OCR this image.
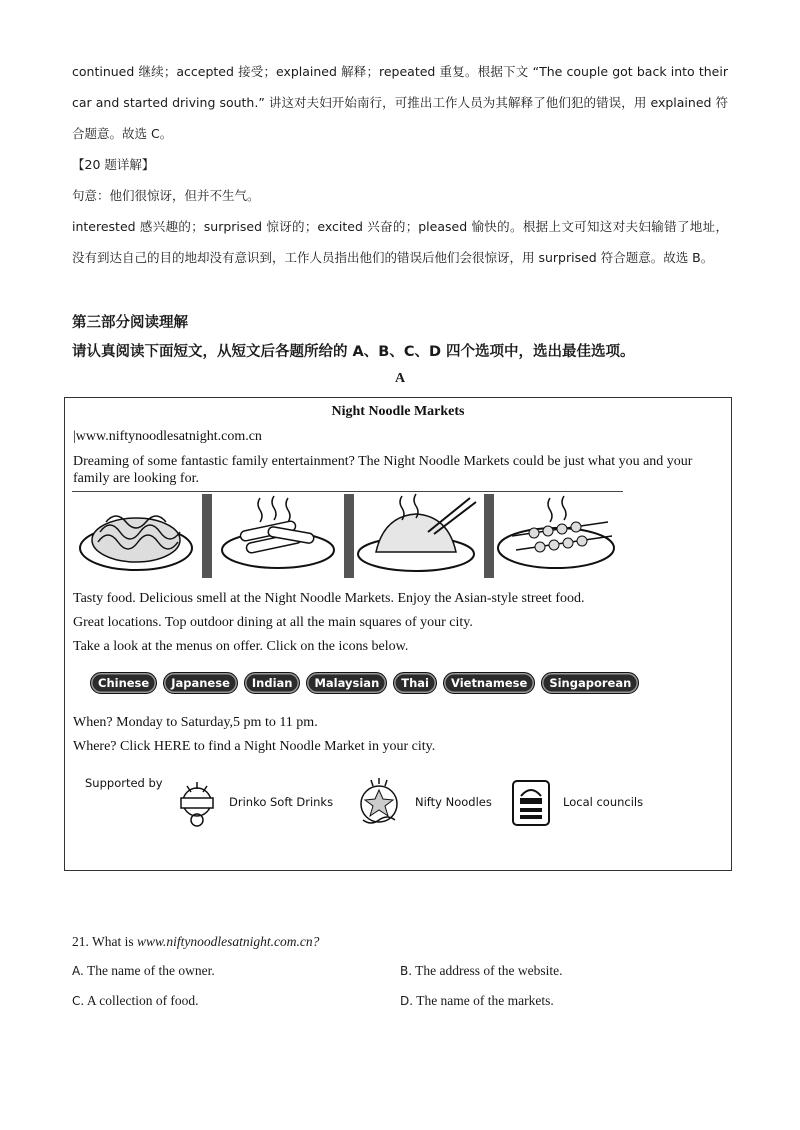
continued 继续；accepted 接受；explained 解释；repeated 重复。根据下文 “The couple got back into their car and started driving south.” 讲这对夫妇开始南行，可推出工作人员为其解释了他们犯的错误，用 explained 符合题意。故选 C。

【20 题详解】

句意：他们很惊讶，但并不生气。

interested 感兴趣的；surprised 惊讶的；excited 兴奋的；pleased 愉快的。根据上文可知这对夫妇输错了地址，没有到达自己的目的地却没有意识到，工作人员指出他们的错误后他们会很惊讶，用 surprised 符合题意。故选 B。

第三部分阅读理解
请认真阅读下面短文，从短文后各题所给的 A、B、C、D 四个选项中，选出最佳选项。
A
Night Noodle Markets
|www.niftynoodlesatnight.com.cn
Dreaming of some fantastic family entertainment? The Night Noodle Markets could be just what you and your family are looking for.
Tasty food. Delicious smell at the Night Noodle Markets. Enjoy the Asian-style street food.
Great locations. Top outdoor dining at all the main squares of your city.
Take a look at the menus on offer. Click on the icons below.
Chinese	Japanese	Indian	Malaysian	Thai	Vietnamese	Singaporean
When? Monday to Saturday,5 pm to 11 pm.
Where? Click HERE to find a Night Noodle Market in your city.
Supported by
Drinko Soft Drinks	Nifty Noodles	Local councils
21. What is www.niftynoodlesatnight.com.cn?
A. The name of the owner.	B. The address of the website.
C. A collection of food.	D. The name of the markets.
